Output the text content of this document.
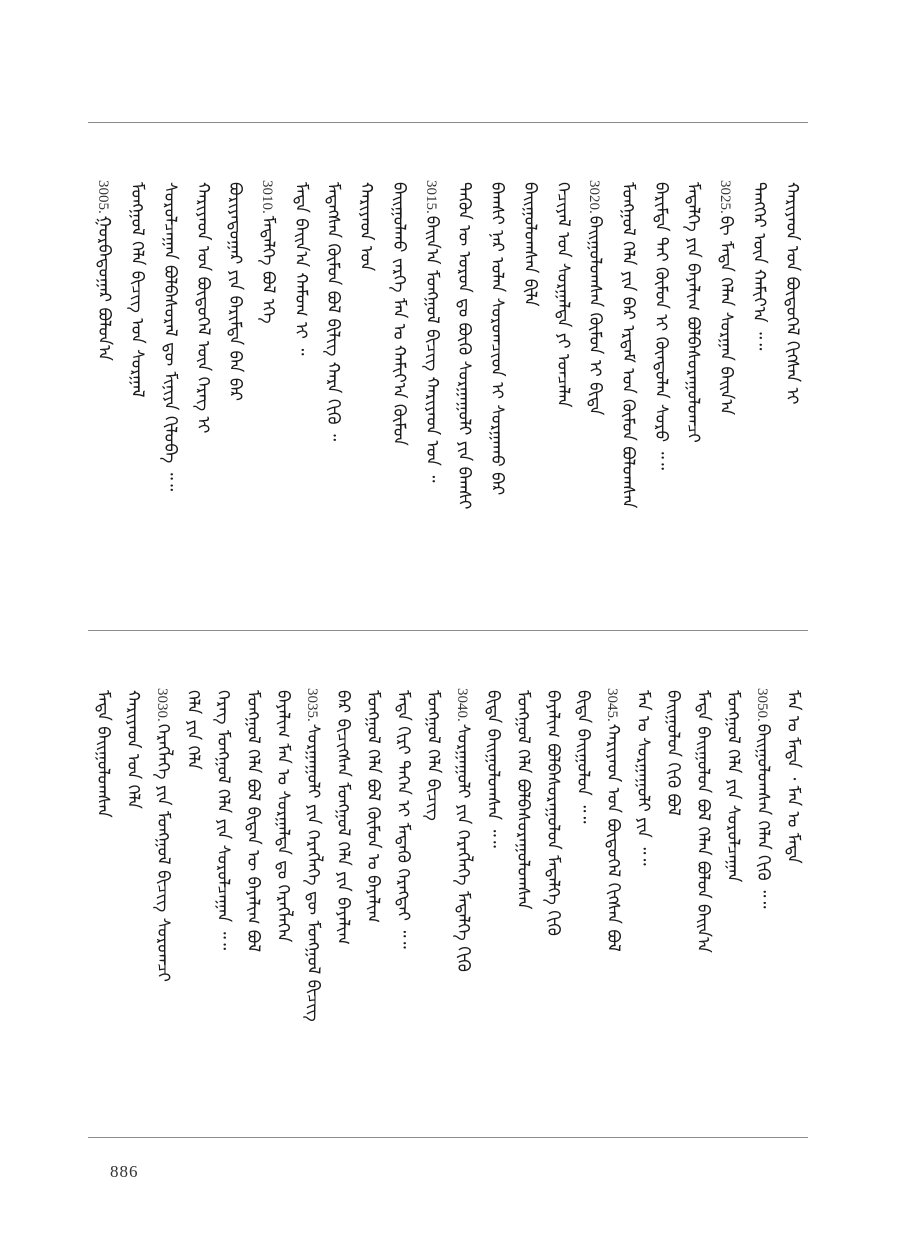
3005.ᠭᠤᠷᠪᠠᠳᠤᠭᠠᠷ ᠪᠤᠯᠤᠨ᠎ᠠ ᠮᠣᠩᠭᠣᠯ ᠬᠡᠯᠡ ᠪᠢᠴᠢᠭ ᠤᠨ ᠰᠤᠷᠭᠠᠯ ᠰᠤᠷᠤᠯᠴᠠᠭᠠᠨ ᠪᠣᠯᠪᠠᠰᠤᠷᠠᠯ ᠳᠦ ᠮᠢᠨᠢᠶᠡ ᠬᠢᠯᠦ᠍ᠪᠡ ᠃᠃ ᠬᠠᠷᠢᠶᠠᠳ ᠤᠨ ᠪᠦᠲᠦᠭᠡᠯ ᠦᠨ ᠬᠡᠷᠡᠭ ᠢ ᠪᠤᠷᠢᠶᠠᠳᠤᠭᠠᠷ ᠶᠢᠨ ᠪᠠᠷᠢᠮᠲᠠ ᠪᠠᠨ ᠪᠠᠷ 3010.ᠮᠡᠳᠡᠯᠭᠡ ᠪᠤᠯ ᠡᠬᠡ ᠮᠡᠳᠡ ᠪᠠᠢᠨ᠎ᠠ ᠬᠠᠮᠤᠭ ᠢ ᠃ ᠮᠡᠳᠡᠭᠰᠡᠨ ᠬᠥᠮᠦᠨ ᠪᠣᠯ ᠪᠢᠯᠢᠭ ᠬᠠᠷᠠ ᠬᠢᠬᠦ ᠃ ᠬᠠᠷᠢᠶᠠᠳ ᠤᠨ ᠪᠠᠢᠭᠤᠯᠬᠤ ᠵᠡᠷᠭᠡ ᠮᠠᠨ ᠤ ᠬᠠᠮᠢᠶ᠎ᠠ ᠬᠦᠮᠦᠨ 3015.ᠪᠠᠢᠨ᠎ᠠ ᠮᠣᠩᠭᠣᠯ ᠪᠢᠴᠢᠭ ᠬᠠᠷᠢᠶᠠᠳ ᠤᠨ ᠃ ᠲᠡᠭᠦᠨ ᠦ ᠣᠷᠣᠨ ᠳᠤ ᠪᠦᠬᠦ ᠰᠤᠷᠭᠠᠭᠤᠯᠢ ᠶᠢᠨ ᠪᠠᠭᠰᠢ ᠪᠠᠭᠰᠢ ᠨᠠᠷ ᠣᠯᠠᠨ ᠰᠤᠷᠤᠭᠴᠢᠳ ᠢ ᠰᠤᠷᠭᠠᠬᠤ ᠪᠠᠷ ᠪᠠᠢᠭᠤᠯᠤᠭᠰᠠᠨ ᠪᠢᠯᠡ ᠬᠡᠴᠢᠶᠡᠯ ᠤᠨ ᠰᠤᠷᠭᠠᠯᠲᠠ ᠶᠢ ᠣᠨᠴᠠᠯᠠᠨ 3020.ᠪᠠᠢᠭᠤᠯᠤᠭᠰᠠᠨ ᠬᠦᠮᠦᠨ ᠢ ᠪᠢᠳᠡ ᠮᠣᠩᠭᠣᠯ ᠬᠡᠯᠡ ᠶᠢᠨ ᠪᠠᠷ ᠡᠷᠳᠡᠮ ᠤᠨ ᠬᠦᠮᠦᠨ ᠪᠤᠯᠤᠭᠰᠠᠨ ᠪᠠᠷᠢᠮᠲᠠ ᠲᠠᠢ ᠬᠦᠮᠦᠨ ᠢ ᠬᠦᠨᠳᠦᠯᠡᠨ ᠰᠤᠷᠤ ᠃᠃ ᠮᠡᠳᠡᠯᠭᠡ ᠶᠢᠨ ᠪᠠᠶᠠᠯᠢᠭ ᠪᠣᠯᠪᠠᠰᠤᠷᠠᠭᠤᠯᠤᠭᠴᠢ 3025.ᠪᠢ ᠮᠡᠳᠡ ᠬᠡᠯᠡᠨ ᠰᠤᠷᠭᠠᠨ ᠪᠠᠢᠨ᠎ᠠ ᠲᠡᠩᠭᠡᠷ ᠦᠨ ᠬᠠᠮᠢᠶ᠎ᠠ ᠃᠃ ᠬᠠᠷᠢᠶᠠᠳ ᠤᠨ ᠪᠦᠲᠦᠭᠡᠯ ᠬᠢᠭᠰᠡᠨ ᠢ
ᠮᠡᠳᠡ ᠪᠠᠢᠭᠤᠯᠤᠭᠰᠠᠨ ᠬᠠᠷᠢᠶᠠᠳ ᠤᠨ ᠬᠡᠯᠡ 3030.ᠬᠡᠷᠡᠭᠯᠡᠭᠡ ᠶᠢᠨ ᠮᠣᠩᠭᠣᠯ ᠪᠢᠴᠢᠭ ᠰᠤᠷᠤᠭᠴᠢ ᠬᠡᠯᠡ ᠶᠢᠨ ᠬᠡᠯᠡ ᠬᠡᠷᠡᠭ ᠮᠣᠩᠭᠣᠯ ᠬᠡᠯᠡ ᠶᠢᠨ ᠰᠤᠷᠤᠯᠴᠠᠭᠠᠨ ᠃᠃ ᠮᠣᠩᠭᠣᠯ ᠬᠡᠯᠡ ᠪᠣᠯ ᠪᠢᠳᠡᠨ ᠦ ᠪᠠᠶᠠᠯᠢᠭ ᠪᠣᠯ ᠪᠠᠶᠠᠯᠢᠭ ᠮᠠᠨ ᠤ ᠰᠤᠷᠭᠠᠯᠲᠠ ᠳᠤ ᠬᠡᠷᠡᠭᠯᠡᠭᠡᠨ 3035.ᠰᠤᠷᠭᠠᠭᠤᠯᠢ ᠶᠢᠨ ᠬᠡᠷᠡᠭᠯᠡᠭᠡ ᠳᠦ ᠮᠣᠩᠭᠣᠯ ᠪᠢᠴᠢᠭ ᠪᠠᠷ ᠪᠢᠴᠢᠭᠰᠡᠨ ᠮᠣᠩᠭᠣᠯ ᠬᠡᠯᠡ ᠶᠢᠨ ᠪᠠᠶᠠᠯᠢᠭ ᠮᠣᠩᠭᠣᠯ ᠬᠡᠯᠡ ᠪᠣᠯ ᠬᠦᠮᠦᠨ ᠤ ᠪᠠᠶᠠᠯᠢᠭ ᠮᠡᠳᠡ ᠬᠢᠷᠢ ᠲᠡᠭᠡᠨ ᠢ ᠮᠡᠳᠡᠬᠦ ᠬᠡᠷᠡᠭᠲᠡᠢ ᠃᠃ ᠮᠣᠩᠭᠣᠯ ᠬᠡᠯᠡ ᠪᠢᠴᠢᠭ 3040.ᠰᠤᠷᠭᠠᠭᠤᠯᠢ ᠶᠢᠨ ᠬᠡᠷᠡᠭᠯᠡᠭᠡ ᠮᠡᠳᠡᠯᠭᠡ ᠬᠢᠬᠦ ᠪᠢᠳᠡ ᠪᠠᠢᠭᠤᠯᠤᠭᠰᠠᠨ ᠃᠃ ᠮᠣᠩᠭᠣᠯ ᠬᠡᠯᠡ ᠪᠣᠯᠪᠠᠰᠤᠷᠠᠭᠤᠯᠤᠭᠰᠠᠨ ᠪᠠᠶᠠᠯᠢᠭ ᠪᠣᠯᠪᠠᠰᠤᠷᠠᠭᠤᠯᠤᠨ ᠮᠡᠳᠡᠯᠭᠡ ᠬᠢᠬᠦ ᠪᠢᠳᠡ ᠪᠠᠢᠭᠤᠯᠤᠨ ᠃᠃ 3045.ᠬᠠᠷᠢᠶᠠᠳ ᠤᠨ ᠪᠦᠲᠦᠭᠡᠯ ᠬᠢᠭᠰᠡᠨ ᠪᠣᠯ ᠮᠠᠨ ᠤ ᠰᠤᠷᠭᠠᠭᠤᠯᠢ ᠶᠢᠨ ᠃᠃ ᠪᠠᠢᠭᠤᠯᠤᠨ ᠬᠢᠬᠦ ᠪᠣᠯ ᠮᠡᠳᠡ ᠪᠠᠢᠭᠤᠯᠤᠨ ᠪᠣᠯ ᠬᠡᠯᠡᠨ ᠪᠣᠯᠤᠨ ᠪᠠᠢᠨ᠎ᠠ ᠮᠣᠩᠭᠣᠯ ᠬᠡᠯᠡ ᠶᠢᠨ ᠰᠤᠷᠤᠯᠴᠠᠭᠠᠨ 3050.ᠪᠠᠢᠭᠤᠯᠤᠭᠰᠠᠨ ᠬᠡᠯᠡᠨ ᠬᠢᠬᠦ ᠃᠃ ᠮᠠᠨ ᠤ ᠮᠡᠳᠡ ᠂ ᠮᠠᠨ ᠤ ᠮᠡᠳᠡ
886
